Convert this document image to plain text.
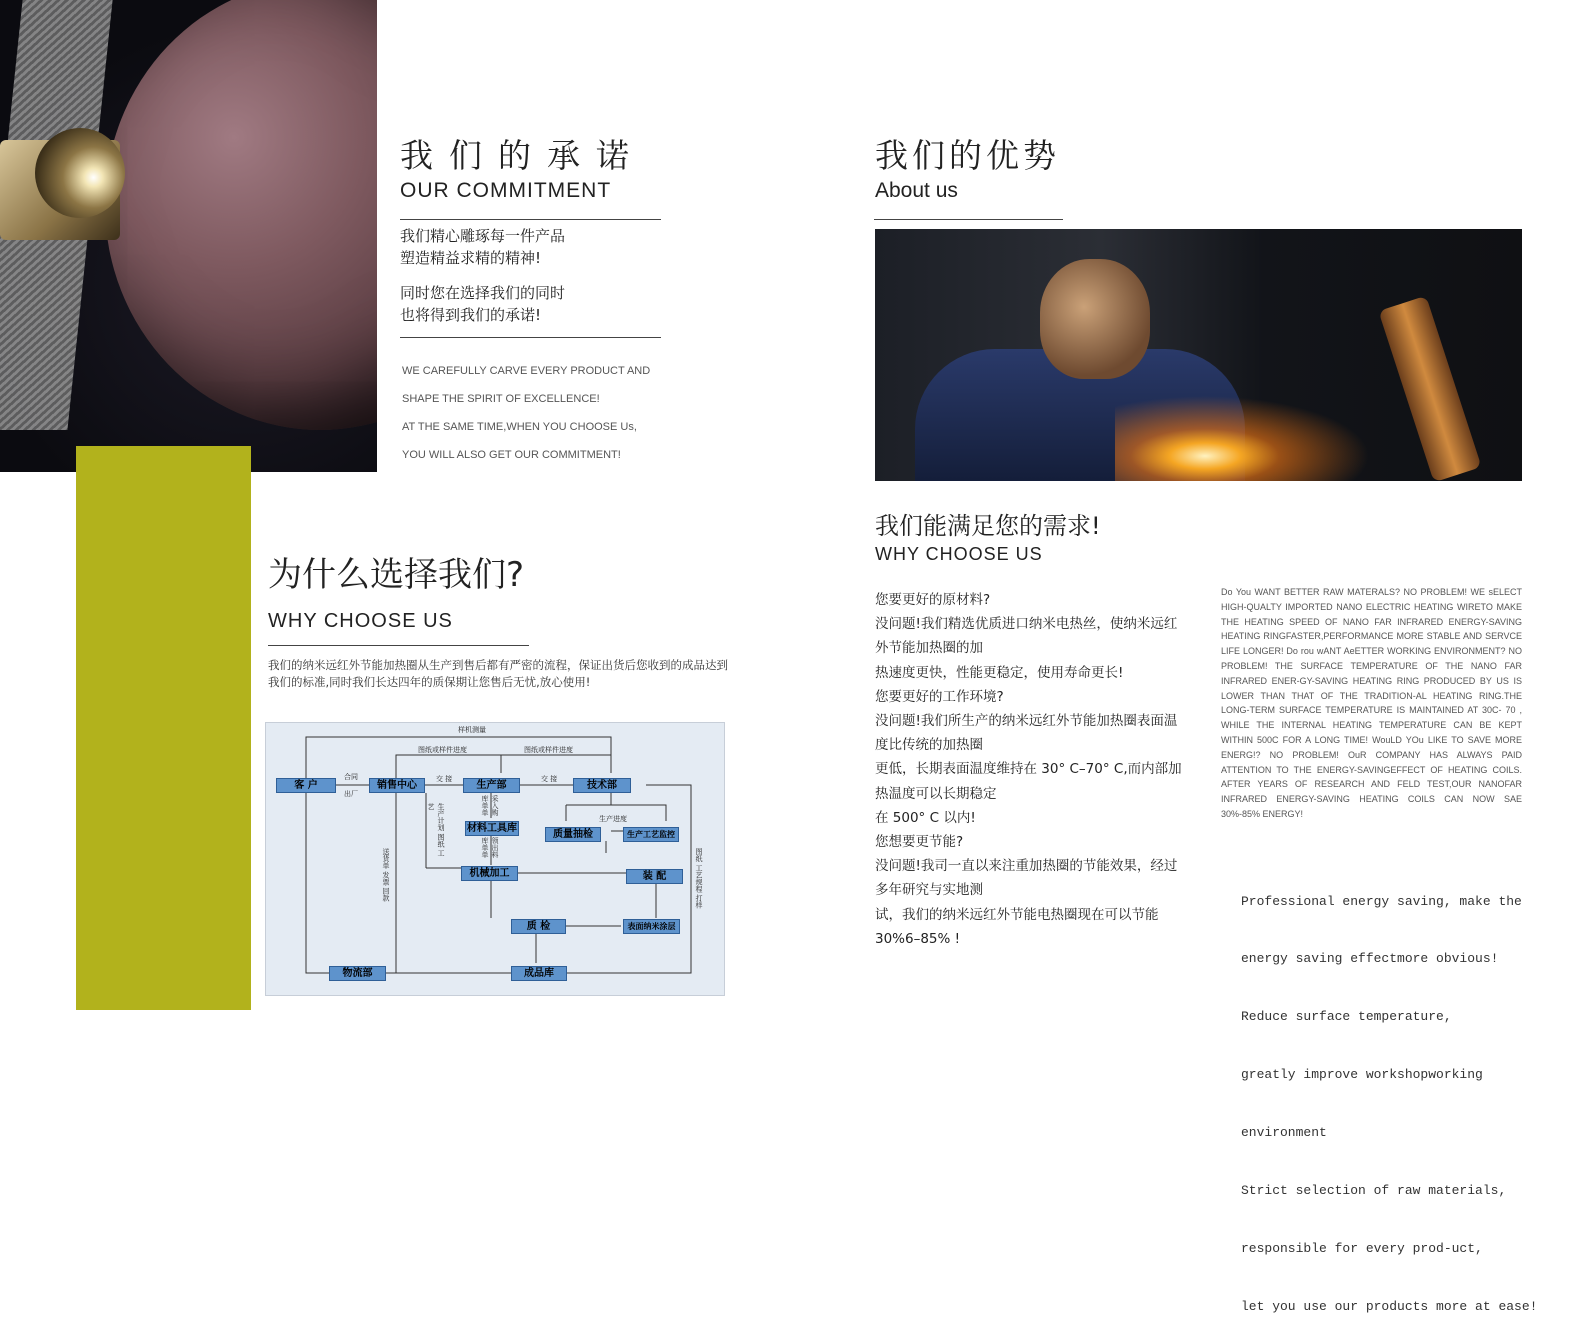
我们的承诺
OUR COMMITMENT
我们精心雕琢每一件产品
塑造精益求精的精神!
同时您在选择我们的同时
也将得到我们的承诺!
WE CAREFULLY CARVE EVERY PRODUCT AND
SHAPE THE SPIRIT OF EXCELLENCE!
AT THE SAME TIME,WHEN YOU CHOOSE Us,
YOU WILL ALSO GET OUR COMMITMENT!
为什么选择我们?
WHY CHOOSE US
我们的纳米远红外节能加热圈从生产到售后都有严密的流程，保证出货后您收到的成品达到我们的标准,同时我们长达四年的质保期让您售后无忧,放心使用!
客 户	销售中心	生产部	技术部
材料工具库
质量抽检	生产工艺监控
机械加工	装 配
质 检	表面纳米涂层
物流部	成品库
样机测量
图纸或样件进度	图纸或样件进度
合同
出厂
交 接	交 接
生产进度
采入购库单单
生产计划 图纸 工艺
领出料库单单
送货单 发票 回款	图纸 工艺规程 打样
我们的优势
About us
我们能满足您的需求!
WHY CHOOSE US
您要更好的原材料?
没问题!我们精选优质进口纳米电热丝，使纳米远红
外节能加热圈的加
热速度更快，性能更稳定，使用寿命更长!
您要更好的工作环境?
没问题!我们所生产的纳米远红外节能加热圈表面温
度比传统的加热圈
更低，长期表面温度维持在 30° C–70° C,而内部加
热温度可以长期稳定
在 500° C 以内!
您想要更节能?
没问题!我司一直以来注重加热圈的节能效果，经过
多年研究与实地测
试，我们的纳米远红外节能电热圈现在可以节能
30%6–85% !
Do You WANT BETTER RAW MATERALS? NO PROBLEM! WE sELECT HIGH-QUALTY IMPORTED NANO ELECTRIC HEATING WIRETO MAKE THE HEATING SPEED OF NANO FAR INFRARED ENERGY-SAVING HEATING RINGFASTER,PERFORMANCE MORE STABLE AND SERVCE LIFE LONGER! Do rou wANT AeETTER WORKING ENVIRONMENT? NO PROBLEM! THE SURFACE TEMPERATURE OF THE NANO FAR INFRARED ENER-GY-SAVING HEATING RING PRODUCED BY US IS LOWER THAN THAT OF THE TRADITION-AL HEATING RING.THE LONG-TERM SURFACE TEMPERATURE IS MAINTAINED AT 30C- 70 , WHILE THE INTERNAL HEATING TEMPERATURE CAN BE KEPT WITHIN 500C FOR A LONG TIME! WouLD YOu LIKE TO SAVE MORE ENERG!? NO PROBLEM! OuR COMPANY HAS ALWAYS PAID ATTENTION TO THE ENERGY-SAVINGEFFECT OF HEATING COILS. AFTER YEARS OF RESEARCH AND FELD TEST,OUR NANOFAR INFRARED ENERGY-SAVING HEATING COILS CAN NOW SAE 30%-85% ENERGY!

Professional energy saving, make the

energy saving effectmore obvious!

Reduce surface temperature,

greatly improve workshopworking

environment

Strict selection of raw materials,

responsible for every prod-uct,

let you use our products more at ease!
